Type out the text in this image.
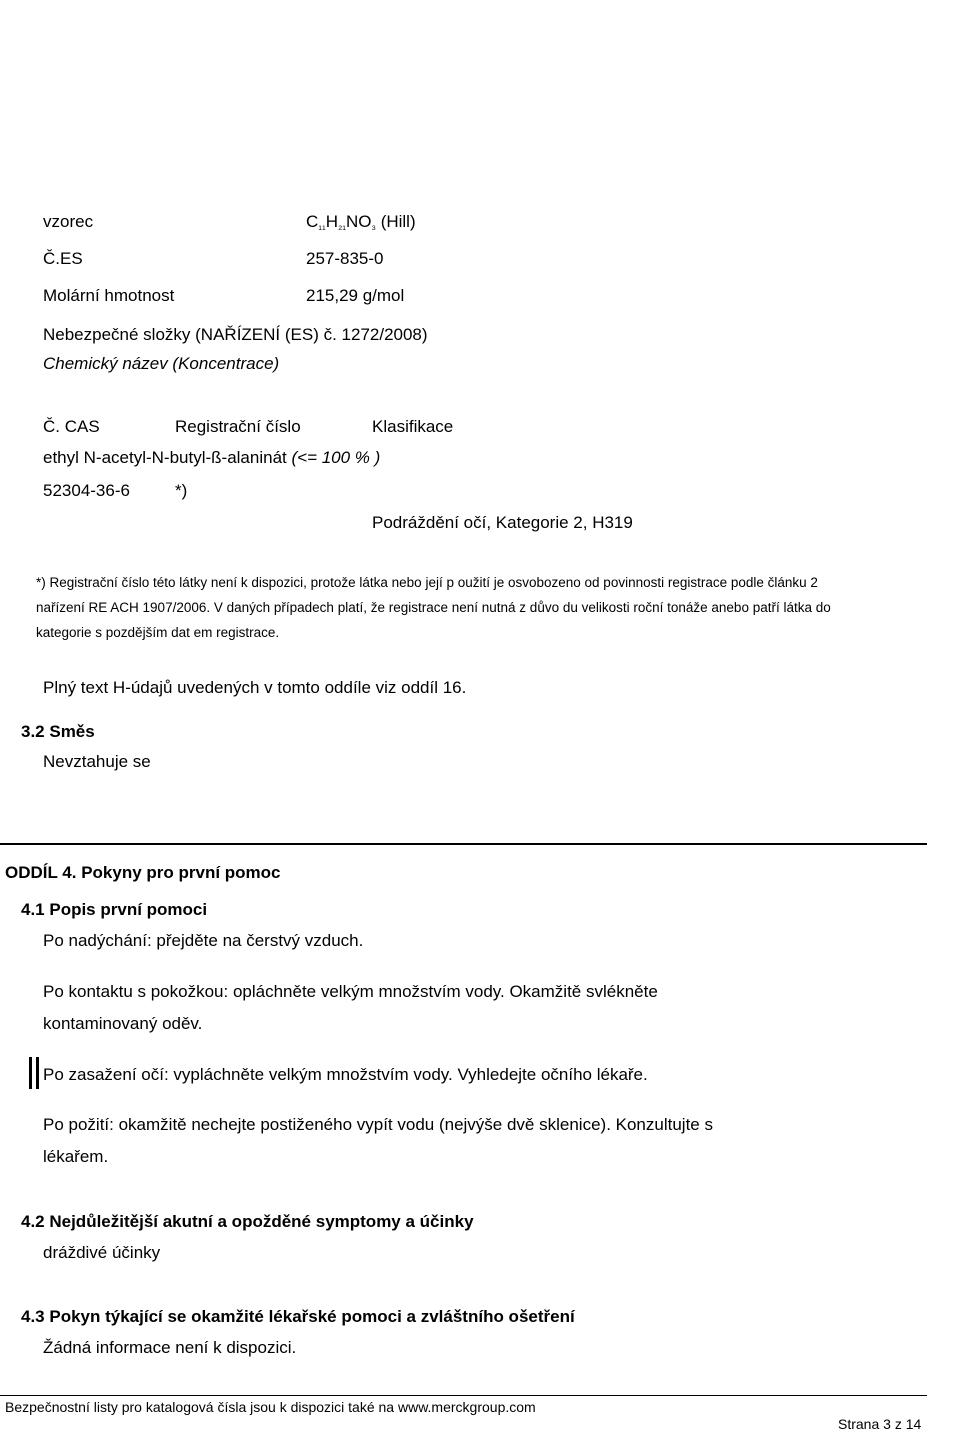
BEZPEČNOSTNÍ LIST
podle nařízení (ES) č. 1907/2006
Katalog č.	111887
Název výrobku	IR3535® (Insect repellent 3535) 3-[N-n-butyl-N-acetyl] aminopropionic acid
ethylester
vzorec	C₁₁H₂₁NO₃ (Hill)
Č.ES	257-835-0
Molární hmotnost	215,29 g/mol
Nebezpečné složky (NAŘÍZENÍ (ES) č. 1272/2008)
Chemický název (Koncentrace)
Č. CAS	Registrační číslo	Klasifikace
ethyl N-acetyl-N-butyl-ß-alaninát (<= 100 % )
52304-36-6	*)
Podráždění očí, Kategorie 2, H319
*) Registrační číslo této látky není k dispozici, protože látka nebo její p oužití je osvobozeno od povinnosti registrace podle článku 2
nařízení RE ACH 1907/2006. V daných případech platí, že registrace není nutná z důvo du velikosti roční tonáže anebo patří látka do
kategorie s pozdějším dat em registrace.
Plný text H-údajů uvedených v tomto oddíle viz oddíl 16.
3.2 Směs
Nevztahuje se
ODDÍL 4. Pokyny pro první pomoc
4.1 Popis první pomoci
Po nadýchání: přejděte na čerstvý vzduch.
Po kontaktu s pokožkou: opláchněte velkým množstvím vody. Okamžitě svlékněte
kontaminovaný oděv.
Po zasažení očí: vypláchněte velkým množstvím vody. Vyhledejte očního lékaře.
Po požití: okamžitě nechejte postiženého vypít vodu (nejvýše dvě sklenice). Konzultujte s
lékařem.
4.2 Nejdůležitější akutní a opožděné symptomy a účinky
dráždivé účinky
4.3 Pokyn týkající se okamžité lékařské pomoci a zvláštního ošetření
Žádná informace není k dispozici.
Bezpečnostní listy pro katalogová čísla jsou k dispozici také na www.merckgroup.com
Strana 3 z 14
